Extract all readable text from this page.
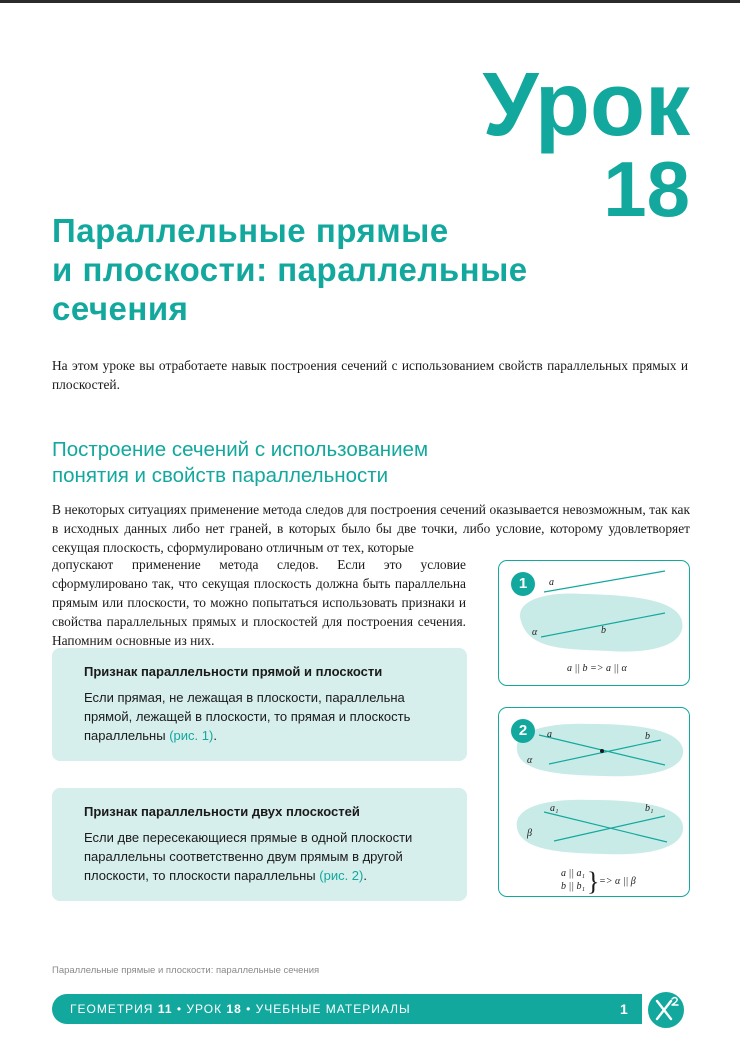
Урок
18
Параллельные прямые
и плоскости: параллельные
сечения

На этом уроке вы отработаете навык построения сечений с использованием свойств параллельных прямых и плоскостей.

Построение сечений с использованием
понятия и свойств параллельности

В некоторых ситуациях применение метода следов для построения сечений оказывается невозможным, так как в исходных данных либо нет граней, в которых было бы две точки, либо условие, которому удовлетворяет секущая плоскость, сформулировано отличным от тех, которые

допускают применение метода следов. Если это условие сформулировано так, что секущая плоскость должна быть параллельна прямым или плоскости, то можно попытаться использовать признаки и свойства параллельных прямых и плоскостей для построения сечения. Напомним основные из них.

Признак параллельности прямой и плоскости

Если прямая, не лежащая в плоскости, параллельна прямой, лежащей в плоскости, то прямая и плоскость параллельны (рис. 1).

Признак параллельности двух плоскостей

Если две пересекающиеся прямые в одной плоскости параллельны соответственно двум прямым в другой плоскости, то плоскости параллельны (рис. 2).

1	a
b
α
a || b => a || α
2	a	b
α
a₁	b₁
β
a || a₁
b || b₁ } => α || β

Параллельные прямые и плоскости: параллельные сечения

ГЕОМЕТРИЯ 11 • УРОК 18 • УЧЕБНЫЕ МАТЕРИАЛЫ	1
